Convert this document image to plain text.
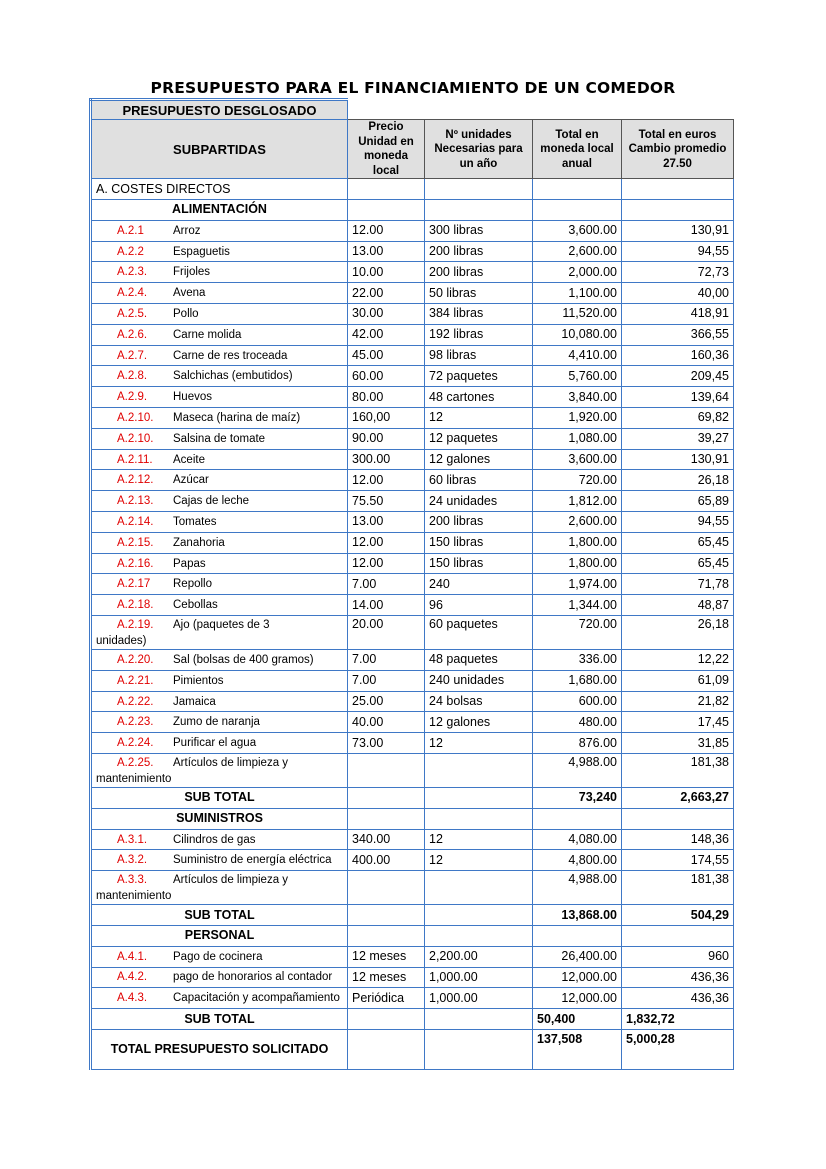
PRESUPUESTO PARA EL FINANCIAMIENTO DE UN COMEDOR
PRESUPUESTO DESGLOSADO				
SUBPARTIDAS	Precio Unidad en moneda local	Nº unidades Necesarias para un año	Total en moneda local anual	Total en euros Cambio promedio 27.50
A. COSTES DIRECTOS				
ALIMENTACIÓN				
A.2.1 Arroz	12.00	300 libras	3,600.00	130,91
A.2.2 Espaguetis	13.00	200 libras	2,600.00	94,55
A.2.3. Frijoles	10.00	200 libras	2,000.00	72,73
A.2.4. Avena	22.00	50 libras	1,100.00	40,00
A.2.5. Pollo	30.00	384 libras	11,520.00	418,91
A.2.6. Carne molida	42.00	192 libras	10,080.00	366,55
A.2.7. Carne de res troceada	45.00	98 libras	4,410.00	160,36
A.2.8. Salchichas (embutidos)	60.00	72 paquetes	5,760.00	209,45
A.2.9. Huevos	80.00	48 cartones	3,840.00	139,64
A.2.10. Maseca (harina de maíz)	160,00	12	1,920.00	69,82
A.2.10. Salsina de tomate	90.00	12 paquetes	1,080.00	39,27
A.2.11. Aceite	300.00	12 galones	3,600.00	130,91
A.2.12. Azúcar	12.00	60 libras	720.00	26,18
A.2.13. Cajas de leche	75.50	24 unidades	1,812.00	65,89
A.2.14. Tomates	13.00	200 libras	2,600.00	94,55
A.2.15. Zanahoria	12.00	150 libras	1,800.00	65,45
A.2.16. Papas	12.00	150 libras	1,800.00	65,45
A.2.17 Repollo	7.00	240	1,974.00	71,78
A.2.18. Cebollas	14.00	96	1,344.00	48,87
A.2.19. Ajo (paquetes de 3
unidades)	20.00	60 paquetes	720.00	26,18
A.2.20. Sal (bolsas de 400 gramos)	7.00	48 paquetes	336.00	12,22
A.2.21. Pimientos	7.00	240 unidades	1,680.00	61,09
A.2.22. Jamaica	25.00	24 bolsas	600.00	21,82
A.2.23. Zumo de naranja	40.00	12 galones	480.00	17,45
A.2.24. Purificar el agua	73.00	12	876.00	31,85
A.2.25. Artículos de limpieza y
mantenimiento			4,988.00	181,38
SUB TOTAL			73,240	2,663,27
SUMINISTROS				
A.3.1. Cilindros de gas	340.00	12	4,080.00	148,36
A.3.2. Suministro de energía eléctrica	400.00	12	4,800.00	174,55
A.3.3. Artículos de limpieza y
mantenimiento			4,988.00	181,38
SUB TOTAL			13,868.00	504,29
PERSONAL				
A.4.1. Pago de cocinera	12 meses	2,200.00	26,400.00	960
A.4.2. pago de honorarios al contador	12 meses	1,000.00	12,000.00	436,36
A.4.3. Capacitación y acompañamiento	Periódica	1,000.00	12,000.00	436,36
SUB TOTAL			50,400	1,832,72
TOTAL PRESUPUESTO SOLICITADO			137,508	5,000,28
